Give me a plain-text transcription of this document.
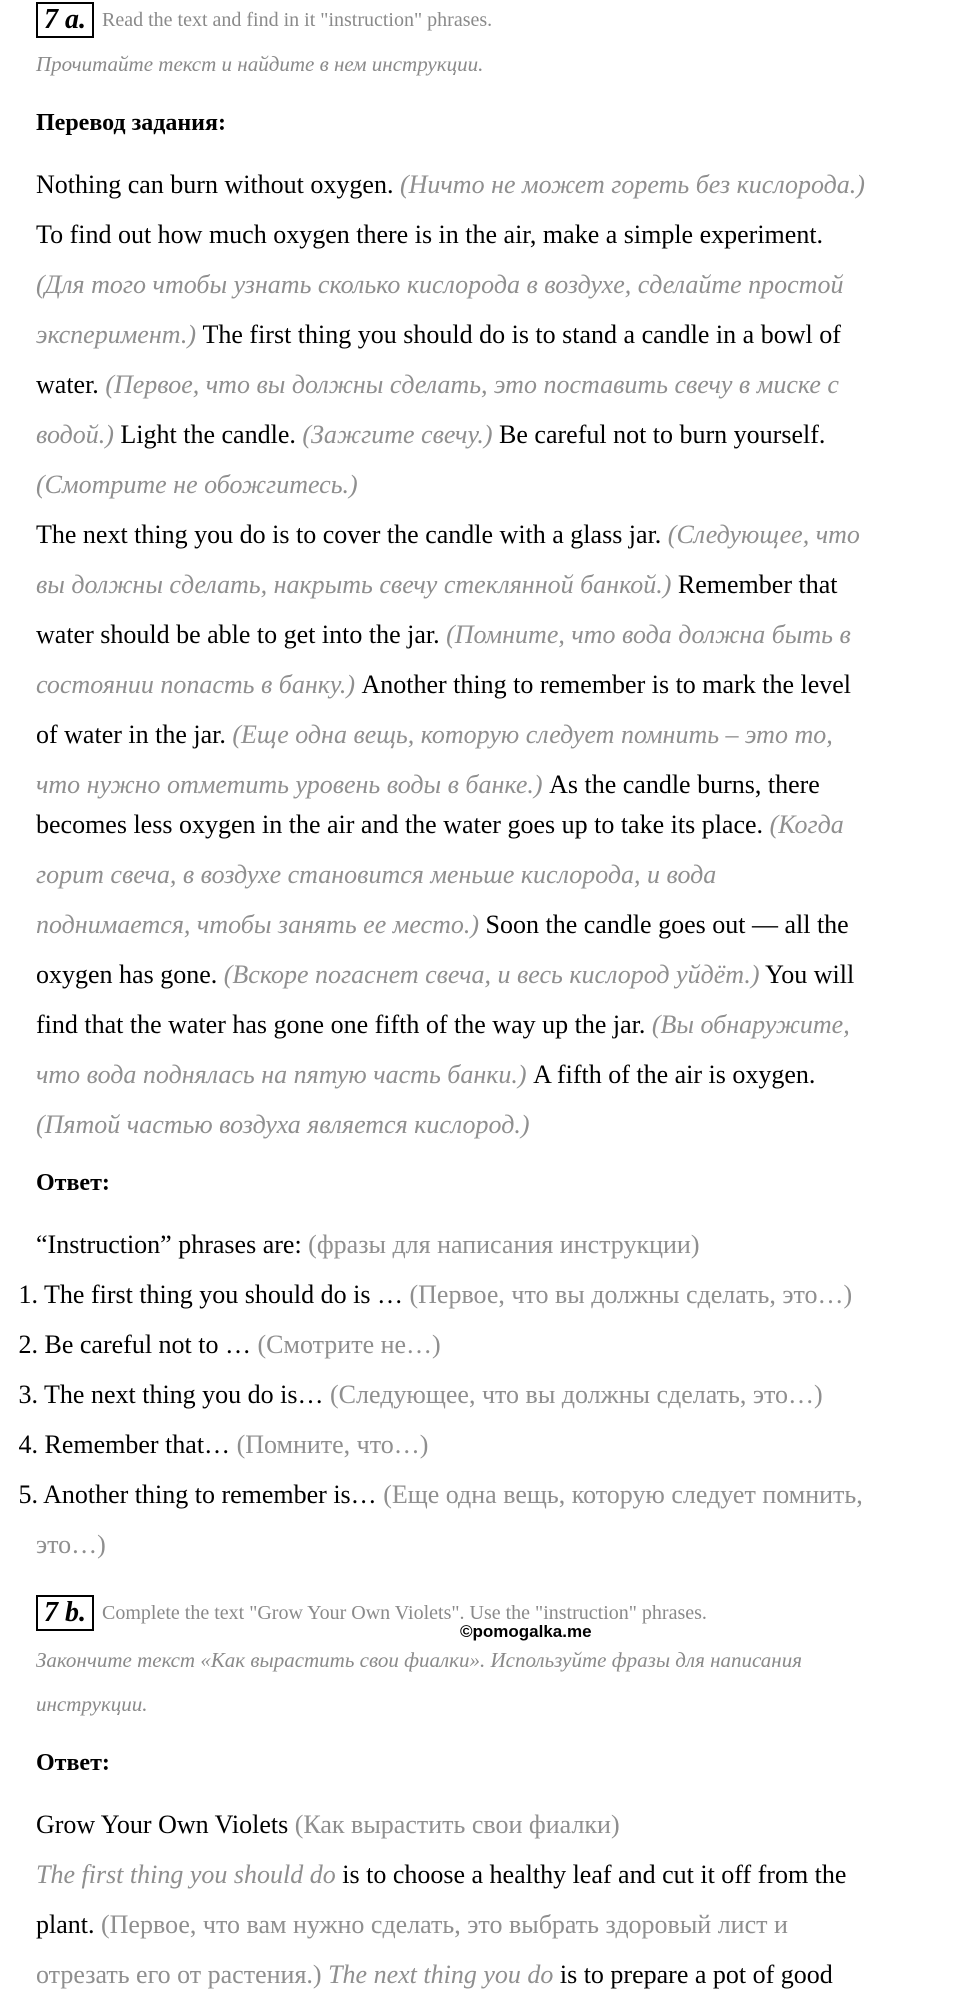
7 a. Read the text and find in it "instruction" phrases.
Прочитайте текст и найдите в нем инструкции.
Перевод задания:
Nothing can burn without oxygen. (Ничто не может гореть без кислорода.)
To find out how much oxygen there is in the air, make a simple experiment.
(Для того чтобы узнать сколько кислорода в воздухе, сделайте простой
эксперимент.) The first thing you should do is to stand a candle in a bowl of
water. (Первое, что вы должны сделать, это поставить свечу в миске с
водой.) Light the candle. (Зажгите свечу.) Be careful not to burn yourself.
(Смотрите не обожгитесь.)
The next thing you do is to cover the candle with a glass jar. (Следующее, что
вы должны сделать, накрыть свечу стеклянной банкой.) Remember that
water should be able to get into the jar. (Помните, что вода должна быть в
состоянии попасть в банку.) Another thing to remember is to mark the level
of water in the jar. (Еще одна вещь, которую следует помнить – это то,
что нужно отметить уровень воды в банке.) As the candle burns, there
becomes less oxygen in the air and the water goes up to take its place. (Когда
горит свеча, в воздухе становится меньше кислорода, и вода
поднимается, чтобы занять ее место.) Soon the candle goes out — all the
oxygen has gone. (Вскоре погаснет свеча, и весь кислород уйдёт.) You will
find that the water has gone one fifth of the way up the jar. (Вы обнаружите,
что вода поднялась на пятую часть банки.) A fifth of the air is oxygen.
(Пятой частью воздуха является кислород.)
Ответ:
“Instruction” phrases are: (фразы для написания инструкции)
1. The first thing you should do is … (Первое, что вы должны сделать, это…)
2. Be careful not to … (Смотрите не…)
3. The next thing you do is… (Следующее, что вы должны сделать, это…)
4. Remember that… (Помните, что…)
5. Another thing to remember is… (Еще одна вещь, которую следует помнить,
это…)
7 b. Complete the text "Grow Your Own Violets". Use the "instruction" phrases.
©pomogalka.me
Закончите текст «Как вырастить свои фиалки». Используйте фразы для написания
инструкции.
Ответ:
Grow Your Own Violets (Как вырастить свои фиалки)
The first thing you should do is to choose a healthy leaf and cut it off from the
plant. (Первое, что вам нужно сделать, это выбрать здоровый лист и
отрезать его от растения.) The next thing you do is to prepare a pot of good
